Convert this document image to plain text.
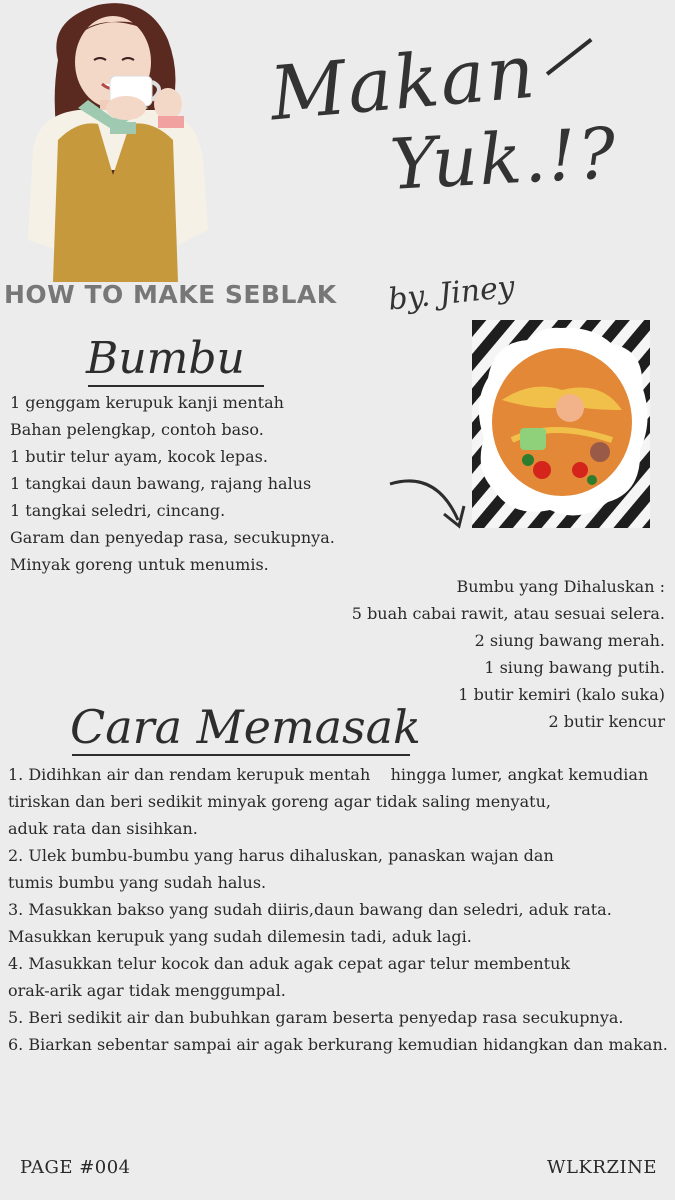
Makan
Yuk.!?
HOW TO MAKE SEBLAK by. Jiney
Bumbu
1 genggam kerupuk kanji mentah
Bahan pelengkap, contoh baso.
1 butir telur ayam, kocok lepas.
1 tangkai daun bawang, rajang halus
1 tangkai seledri, cincang.
Garam dan penyedap rasa, secukupnya.
Minyak goreng untuk menumis.
Bumbu yang Dihaluskan :
5 buah cabai rawit, atau sesuai selera.
2 siung bawang merah.
1 siung bawang putih.
1 butir kemiri (kalo suka)
2 butir kencur
Cara Memasak
1. Didihkan air dan rendam kerupuk mentah    hingga lumer, angkat kemudian
tiriskan dan beri sedikit minyak goreng agar tidak saling menyatu,
aduk rata dan sisihkan.
2. Ulek bumbu-bumbu yang harus dihaluskan, panaskan wajan dan
tumis bumbu yang sudah halus.
3. Masukkan bakso yang sudah diiris,daun bawang dan seledri, aduk rata.
Masukkan kerupuk yang sudah dilemesin tadi, aduk lagi.
4. Masukkan telur kocok dan aduk agak cepat agar telur membentuk
orak-arik agar tidak menggumpal.
5. Beri sedikit air dan bubuhkan garam beserta penyedap rasa secukupnya.
6. Biarkan sebentar sampai air agak berkurang kemudian hidangkan dan makan.
PAGE #004	WLKRZINE
